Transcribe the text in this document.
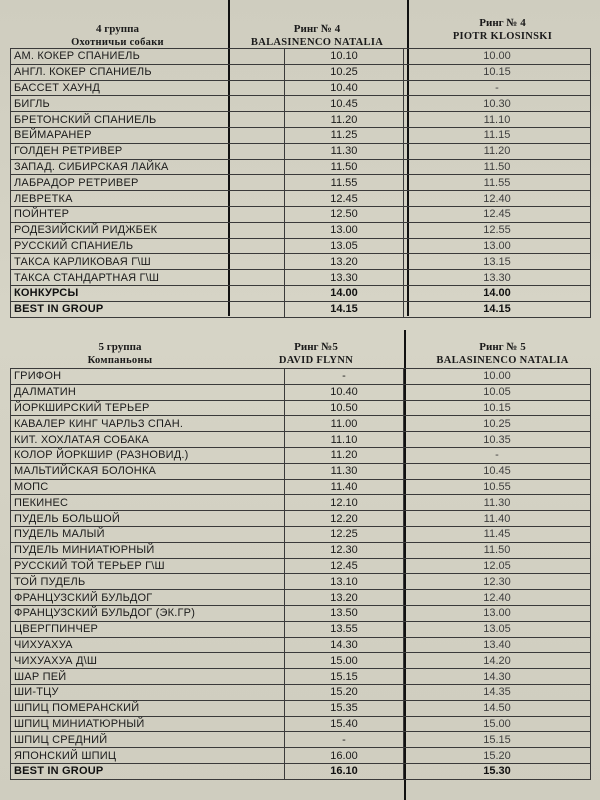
4 группа
Охотничьи собаки
Ринг № 4
BALASINENCO NATALIA
Ринг № 4
PIOTR KLOSINSKI
АМ. КОКЕР СПАНИЕЛЬ	10.10	10.00
АНГЛ. КОКЕР СПАНИЕЛЬ	10.25	10.15
БАССЕТ ХАУНД	10.40	-
БИГЛЬ	10.45	10.30
БРЕТОНСКИЙ СПАНИЕЛЬ	11.20	11.10
ВЕЙМАРАНЕР	11.25	11.15
ГОЛДЕН РЕТРИВЕР	11.30	11.20
ЗАПАД. СИБИРСКАЯ ЛАЙКА	11.50	11.50
ЛАБРАДОР РЕТРИВЕР	11.55	11.55
ЛЕВРЕТКА	12.45	12.40
ПОЙНТЕР	12.50	12.45
РОДЕЗИЙСКИЙ РИДЖБЕК	13.00	12.55
РУССКИЙ СПАНИЕЛЬ	13.05	13.00
ТАКСА КАРЛИКОВАЯ Г\Ш	13.20	13.15
ТАКСА СТАНДАРТНАЯ Г\Ш	13.30	13.30
КОНКУРСЫ	14.00	14.00
BEST IN GROUP	14.15	14.15
5 группа
Компаньоны
Ринг №5
DAVID FLYNN
Ринг № 5
BALASINENCO NATALIA
ГРИФОН	-	10.00
ДАЛМАТИН	10.40	10.05
ЙОРКШИРСКИЙ ТЕРЬЕР	10.50	10.15
КАВАЛЕР КИНГ ЧАРЛЬЗ СПАН.	11.00	10.25
КИТ. ХОХЛАТАЯ СОБАКА	11.10	10.35
КОЛОР ЙОРКШИР (РАЗНОВИД.)	11.20	-
МАЛЬТИЙСКАЯ БОЛОНКА	11.30	10.45
МОПС	11.40	10.55
ПЕКИНЕС	12.10	11.30
ПУДЕЛЬ БОЛЬШОЙ	12.20	11.40
ПУДЕЛЬ МАЛЫЙ	12.25	11.45
ПУДЕЛЬ МИНИАТЮРНЫЙ	12.30	11.50
РУССКИЙ ТОЙ ТЕРЬЕР Г\Ш	12.45	12.05
ТОЙ ПУДЕЛЬ	13.10	12.30
ФРАНЦУЗСКИЙ БУЛЬДОГ	13.20	12.40
ФРАНЦУЗСКИЙ БУЛЬДОГ (ЭК.ГР)	13.50	13.00
ЦВЕРГПИНЧЕР	13.55	13.05
ЧИХУАХУА	14.30	13.40
ЧИХУАХУА Д\Ш	15.00	14.20
ШАР ПЕЙ	15.15	14.30
ШИ-ТЦУ	15.20	14.35
ШПИЦ ПОМЕРАНСКИЙ	15.35	14.50
ШПИЦ МИНИАТЮРНЫЙ	15.40	15.00
ШПИЦ СРЕДНИЙ	-	15.15
ЯПОНСКИЙ ШПИЦ	16.00	15.20
BEST IN GROUP	16.10	15.30
